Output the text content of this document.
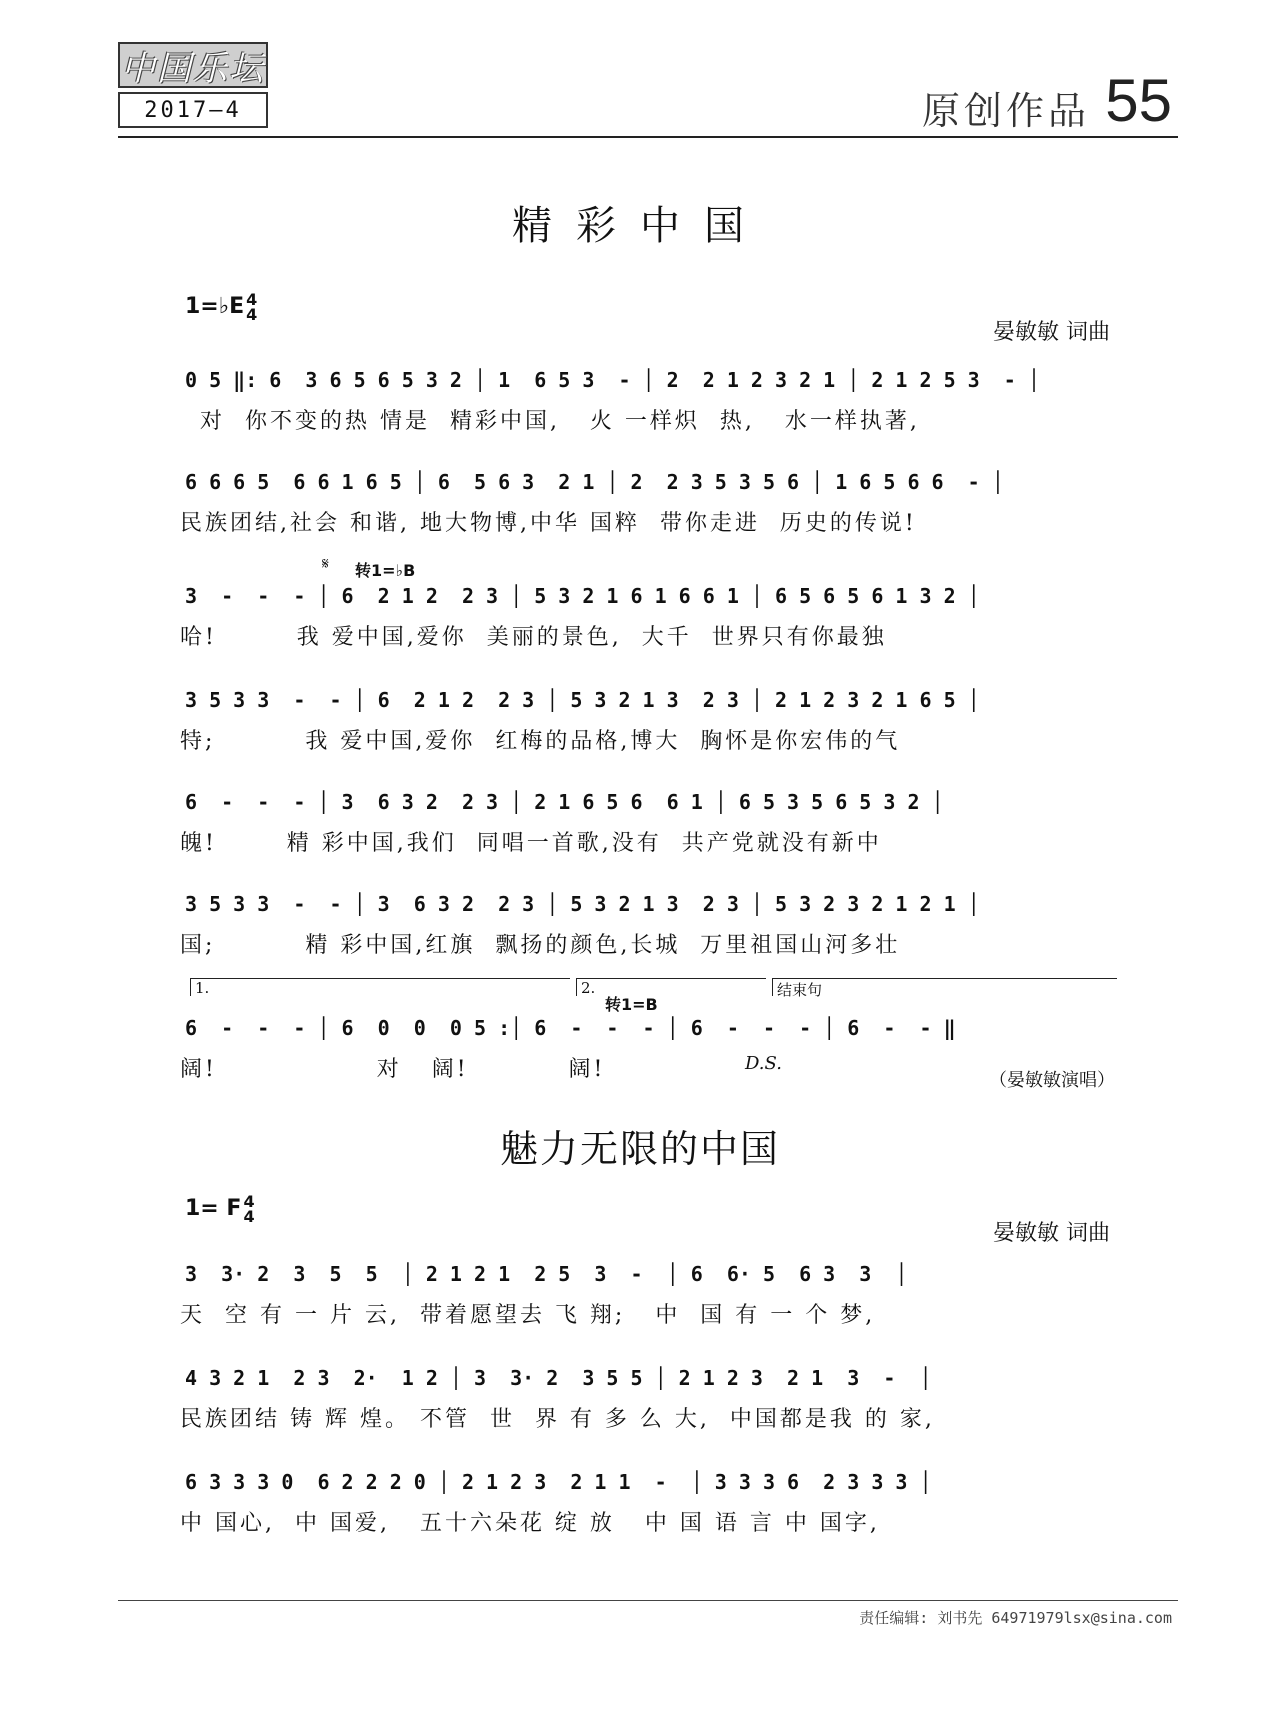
中国乐坛
2017—4	原创作品 55
精彩中国
1=♭E 4
4
晏敏敏 词曲
0 5 ‖: 6  3 6 5 6 5 3 2 │ 1  6 5 3  - │ 2  2 1 2 3 2 1 │ 2 1 2 5 3  - │
对  你不变的热 情是  精彩中国,   火 一样炽  热,   水一样执著,
6 6 6 5  6 6 1 6 5 │ 6  5 6 3  2 1 │ 2  2 3 5 3 5 6 │ 1 6 5 6 6  - │
民族团结,社会 和谐, 地大物博,中华 国粹  带你走进  历史的传说!
𝄋 转1=♭B
3  -  -  - │ 6  2 1 2  2 3 │ 5 3 2 1 6 1 6 6 1 │ 6 5 6 5 6 1 3 2 │
哈!        我 爱中国,爱你  美丽的景色,  大千  世界只有你最独
3 5 3 3  -  - │ 6  2 1 2  2 3 │ 5 3 2 1 3  2 3 │ 2 1 2 3 2 1 6 5 │
特;         我 爱中国,爱你  红梅的品格,博大  胸怀是你宏伟的气
6  -  -  - │ 3  6 3 2  2 3 │ 2 1 6 5 6  6 1 │ 6 5 3 5 6 5 3 2 │
魄!       精 彩中国,我们  同唱一首歌,没有  共产党就没有新中
3 5 3 3  -  - │ 3  6 3 2  2 3 │ 5 3 2 1 3  2 3 │ 5 3 2 3 2 1 2 1 │
国;         精 彩中国,红旗  飘扬的颜色,长城  万里祖国山河多壮
1.	2.	结束句
转1=B
6  -  -  - │ 6  0  0  0 5 :│ 6  -  -  - │ 6  -  -  - │ 6  -  - ‖
阔!                对   阔!          阔!	D.S.
（晏敏敏演唱）
魅力无限的中国
1= F 4
4
晏敏敏 词曲
3  3· 2  3  5  5  │ 2 1 2 1  2 5  3  -  │ 6  6· 5  6 3  3  │
天  空 有 一 片 云,  带着愿望去 飞 翔;   中  国 有 一 个 梦,
4 3 2 1  2 3  2·  1 2 │ 3  3· 2  3 5 5 │ 2 1 2 3  2 1  3  -  │
民族团结 铸 辉 煌。 不管  世  界 有 多 么 大,  中国都是我 的 家,
6 3 3 3 0  6 2 2 2 0 │ 2 1 2 3  2 1 1  -  │ 3 3 3 6  2 3 3 3 │
中 国心,  中 国爱,   五十六朵花 绽 放   中 国 语 言 中 国字,
责任编辑: 刘书先 64971979lsx@sina.com
